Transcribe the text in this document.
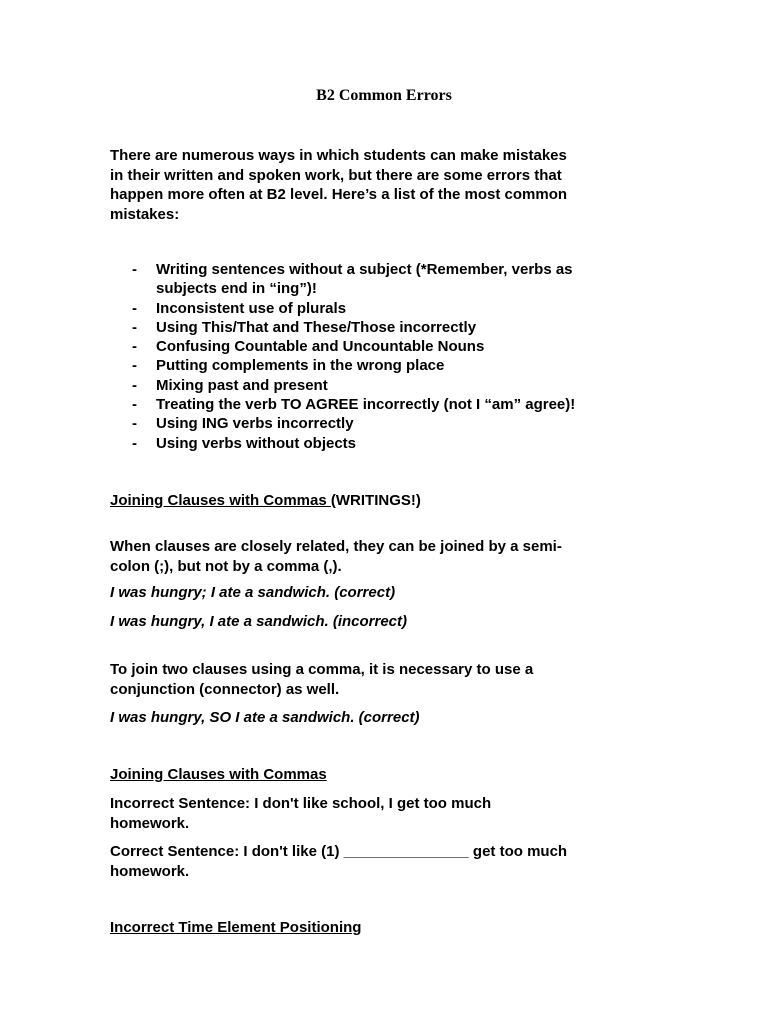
B2 Common Errors
There are numerous ways in which students can make mistakes
in their written and spoken work, but there are some errors that
happen more often at B2 level. Here’s a list of the most common
mistakes:
- Writing sentences without a subject (*Remember, verbs as
subjects end in “ing”)!
- Inconsistent use of plurals
- Using This/That and These/Those incorrectly
- Confusing Countable and Uncountable Nouns
- Putting complements in the wrong place
- Mixing past and present
- Treating the verb TO AGREE incorrectly (not I “am” agree)!
- Using ING verbs incorrectly
- Using verbs without objects
Joining Clauses with Commas (WRITINGS!)
When clauses are closely related, they can be joined by a semi-
colon (;), but not by a comma (,).
I was hungry; I ate a sandwich. (correct)
I was hungry, I ate a sandwich. (incorrect)
To join two clauses using a comma, it is necessary to use a
conjunction (connector) as well.
I was hungry, SO I ate a sandwich. (correct)
Joining Clauses with Commas
Incorrect Sentence: I don't like school, I get too much
homework.
Correct Sentence: I don't like (1) _______________ get too much
homework.
Incorrect Time Element Positioning
